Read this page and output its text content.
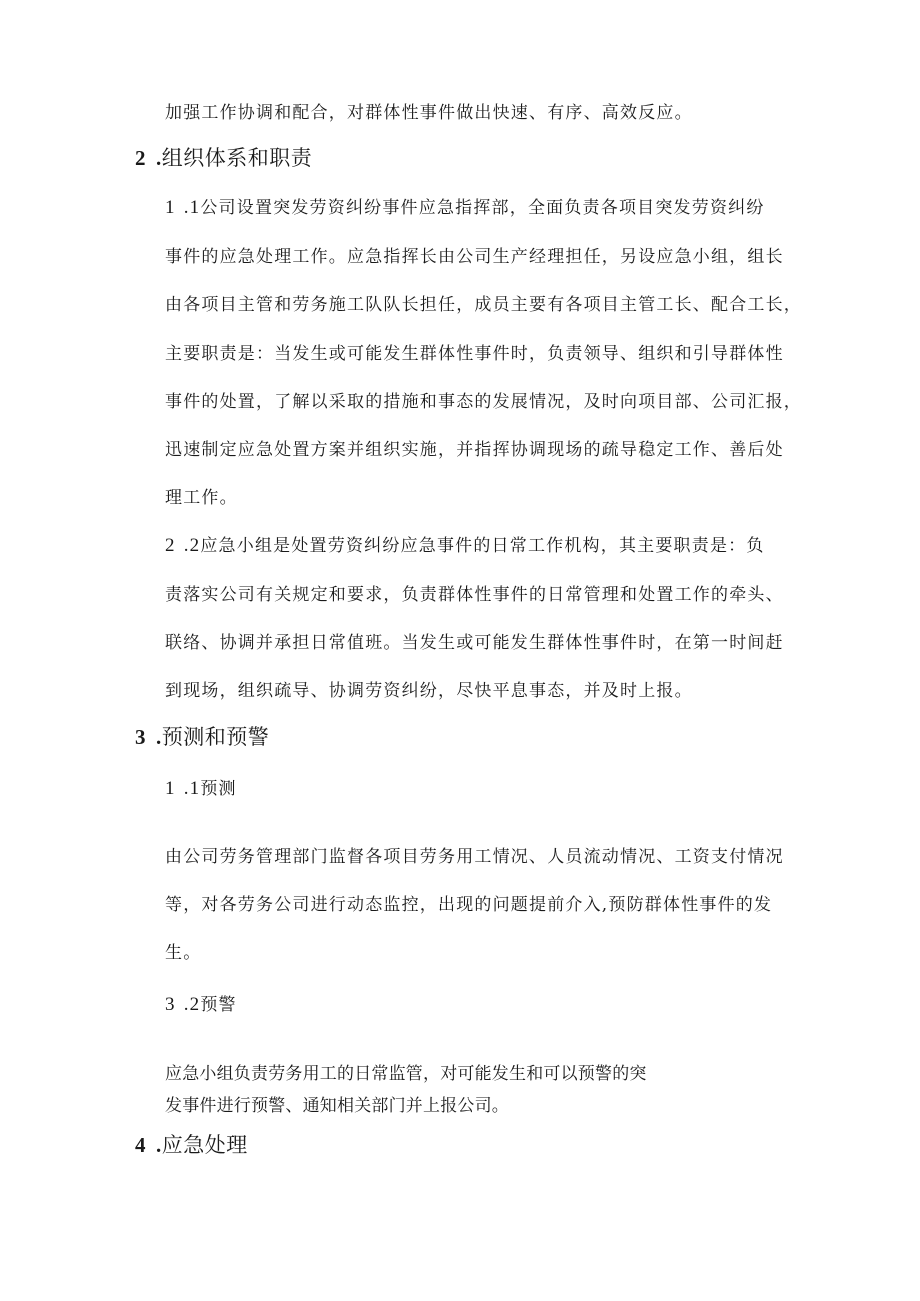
加强工作协调和配合，对群体性事件做出快速、有序、高效反应。
2 .组织体系和职责
1 .1公司设置突发劳资纠纷事件应急指挥部，全面负责各项目突发劳资纠纷
事件的应急处理工作。应急指挥长由公司生产经理担任，另设应急小组，组长
由各项目主管和劳务施工队队长担任，成员主要有各项目主管工长、配合工长，
主要职责是：当发生或可能发生群体性事件时，负责领导、组织和引导群体性
事件的处置，了解以采取的措施和事态的发展情况，及时向项目部、公司汇报，
迅速制定应急处置方案并组织实施，并指挥协调现场的疏导稳定工作、善后处
理工作。
2 .2应急小组是处置劳资纠纷应急事件的日常工作机构，其主要职责是：负
责落实公司有关规定和要求，负责群体性事件的日常管理和处置工作的牵头、
联络、协调并承担日常值班。当发生或可能发生群体性事件时，在第一时间赶
到现场，组织疏导、协调劳资纠纷，尽快平息事态，并及时上报。
3 .预测和预警
1 .1预测
由公司劳务管理部门监督各项目劳务用工情况、人员流动情况、工资支付情况
等，对各劳务公司进行动态监控，出现的问题提前介入,预防群体性事件的发
生。
3 .2预警
应急小组负责劳务用工的日常监管，对可能发生和可以预警的突
发事件进行预警、通知相关部门并上报公司。
4 .应急处理
